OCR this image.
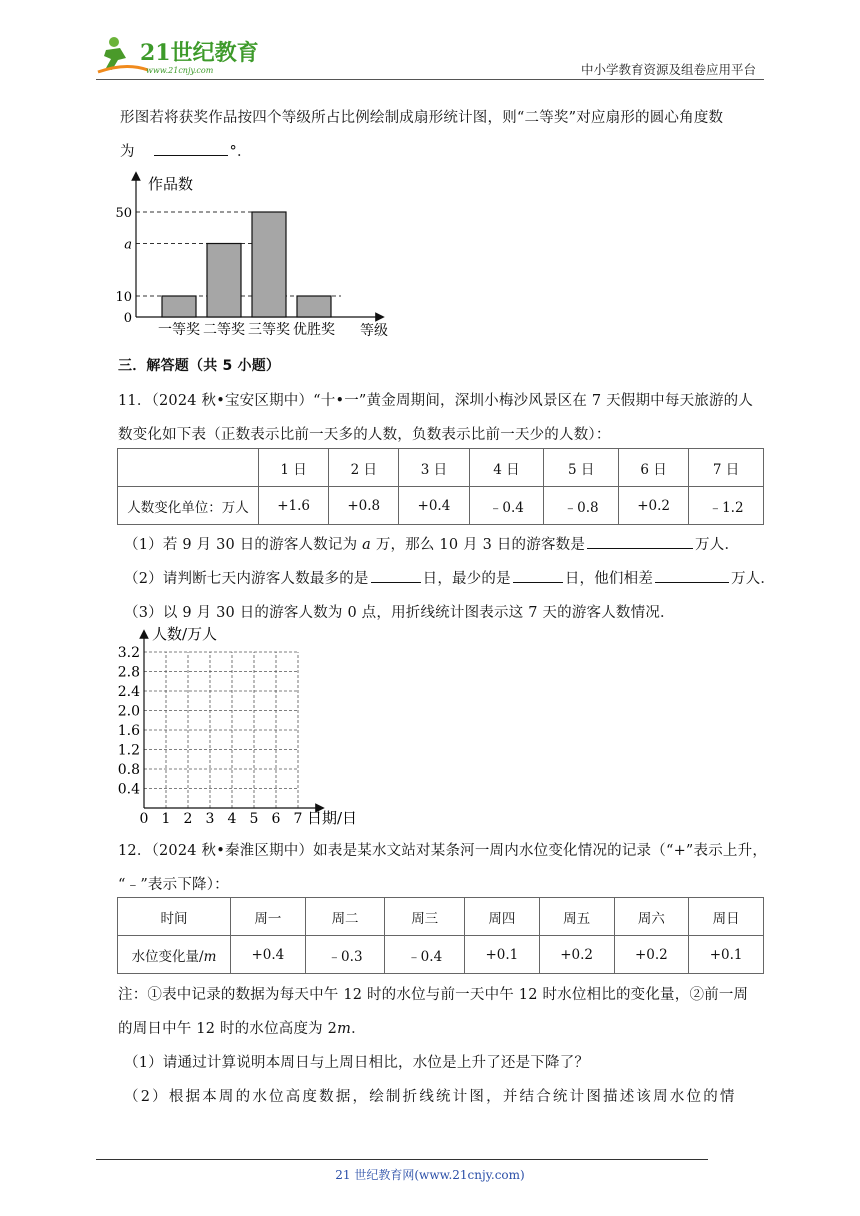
21世纪教育
www.21cnjy.com	中小学教育资源及组卷应用平台
形图若将获奖作品按四个等级所占比例绘制成扇形统计图，则“二等奖”对应扇形的圆心角度数
为	°．
0
10
a
50
一等奖 二等奖 三等奖 优胜奖
作品数
等级
三．解答题（共 5 小题）
11．（2024 秋•宝安区期中）“十•一”黄金周期间，深圳小梅沙风景区在 7 天假期中每天旅游的人
数变化如下表（正数表示比前一天多的人数，负数表示比前一天少的人数）：
	1 日	2 日	3 日	4 日	5 日	6 日	7 日
人数变化单位：万人	+1.6	+0.8	+0.4	﹣0.4	﹣0.8	+0.2	﹣1.2
（1）若 9 月 30 日的游客人数记为 a 万，那么 10 月 3 日的游客数是	万人．
（2）请判断七天内游客人数最多的是	日，最少的是	日，他们相差	万人．
（3）以 9 月 30 日的游客人数为 0 点，用折线统计图表示这 7 天的游客人数情况．
0.4
0.8
1.2
1.6
2.0
2.4
2.8
3.2
0 1 2 3 4 5 6 7
人数/万人
日期/日
12．（2024 秋•秦淮区期中）如表是某水文站对某条河一周内水位变化情况的记录（“+”表示上升，
“﹣”表示下降）：
时间	周一	周二	周三	周四	周五	周六	周日
水位变化量/m	+0.4	﹣0.3	﹣0.4	+0.1	+0.2	+0.2	+0.1
注：①表中记录的数据为每天中午 12 时的水位与前一天中午 12 时水位相比的变化量，②前一周
的周日中午 12 时的水位高度为 2m．
（1）请通过计算说明本周日与上周日相比，水位是上升了还是下降了？
（2）根据本周的水位高度数据，绘制折线统计图，并结合统计图描述该周水位的情
21 世纪教育网(www.21cnjy.com)
